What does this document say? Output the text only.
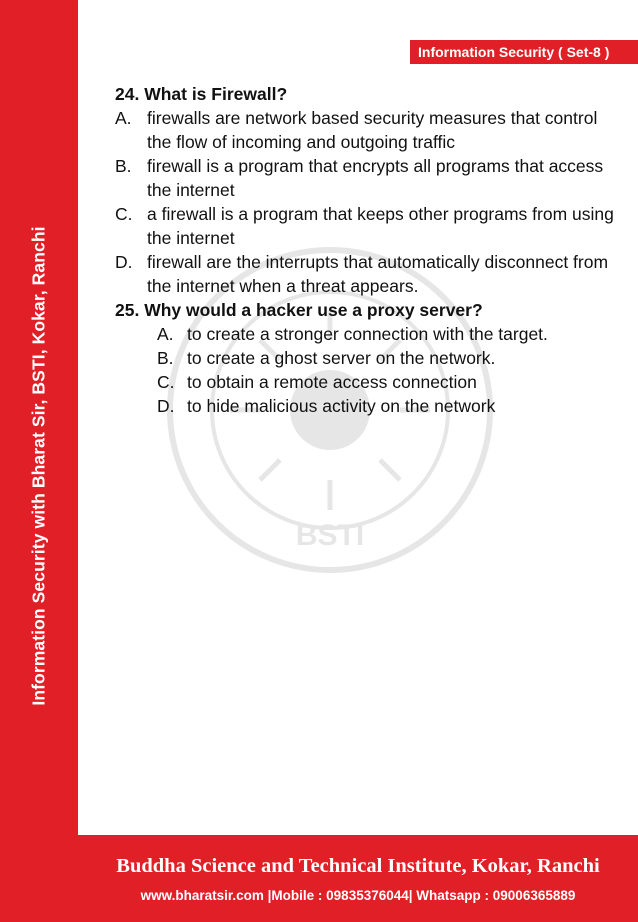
Information Security with Bharat Sir, BSTI, Kokar, Ranchi
Information Security ( Set-8 )
BSTI
24. What is Firewall?
A. firewalls are network based security measures that control the flow of incoming and outgoing traffic
B. firewall is a program that encrypts all programs that access the internet
C. a firewall is a program that keeps other programs from using the internet
D. firewall are the interrupts that automatically disconnect from the internet when a threat appears.
25. Why would a hacker use a proxy server?
A. to create a stronger connection with the target.
B. to create a ghost server on the network.
C. to obtain a remote access connection
D. to hide malicious activity on the network
Buddha Science and Technical Institute, Kokar, Ranchi
www.bharatsir.com |Mobile : 09835376044| Whatsapp : 09006365889
